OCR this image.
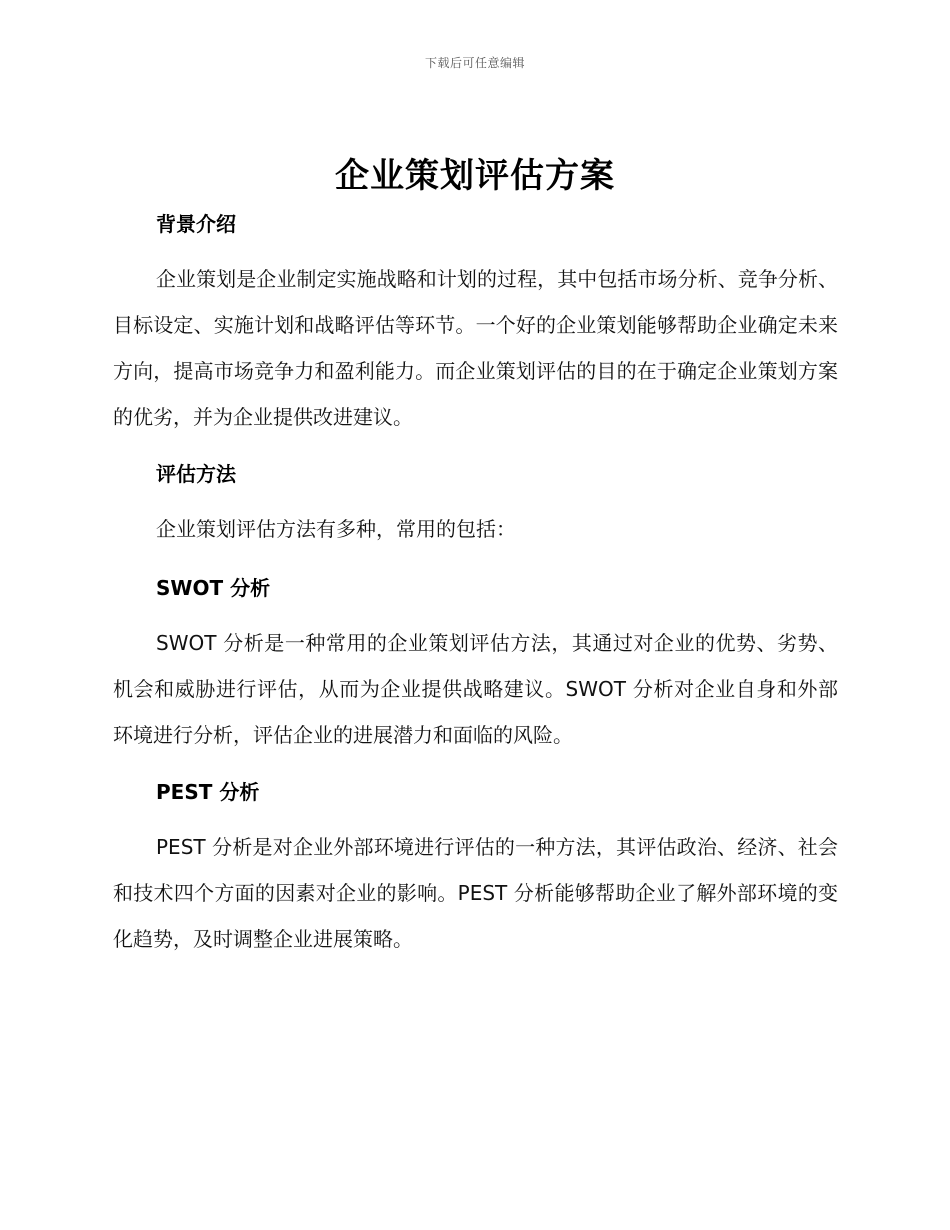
下载后可任意编辑
企业策划评估方案
背景介绍

企业策划是企业制定实施战略和计划的过程，其中包括市场分析、竞争分析、目标设定、实施计划和战略评估等环节。一个好的企业策划能够帮助企业确定未来方向，提高市场竞争力和盈利能力。而企业策划评估的目的在于确定企业策划方案的优劣，并为企业提供改进建议。

评估方法

企业策划评估方法有多种，常用的包括：

SWOT 分析

SWOT 分析是一种常用的企业策划评估方法，其通过对企业的优势、劣势、机会和威胁进行评估，从而为企业提供战略建议。SWOT 分析对企业自身和外部环境进行分析，评估企业的进展潜力和面临的风险。

PEST 分析

PEST 分析是对企业外部环境进行评估的一种方法，其评估政治、经济、社会和技术四个方面的因素对企业的影响。PEST 分析能够帮助企业了解外部环境的变化趋势，及时调整企业进展策略。
